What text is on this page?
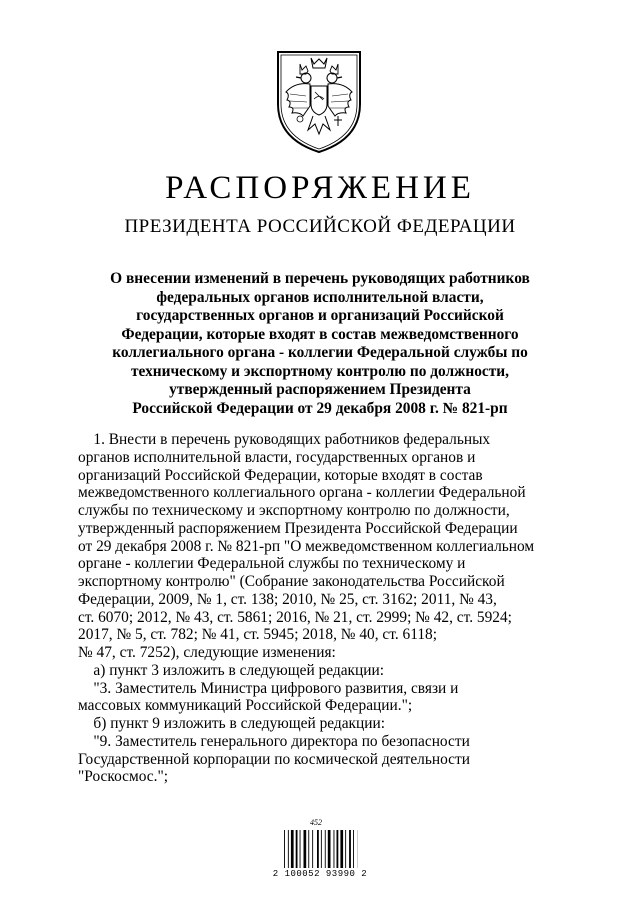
РАСПОРЯЖЕНИЕ
ПРЕЗИДЕНТА РОССИЙСКОЙ ФЕДЕРАЦИИ
О внесении изменений в перечень руководящих работников
федеральных органов исполнительной власти,
государственных органов и организаций Российской
Федерации, которые входят в состав межведомственного
коллегиального органа - коллегии Федеральной службы по
техническому и экспортному контролю по должности,
утвержденный распоряжением Президента
Российской Федерации от 29 декабря 2008 г. № 821-рп
1. Внести в перечень руководящих работников федеральных
органов исполнительной власти, государственных органов и
организаций Российской Федерации, которые входят в состав
межведомственного коллегиального органа - коллегии Федеральной
службы по техническому и экспортному контролю по должности,
утвержденный распоряжением Президента Российской Федерации
от 29 декабря 2008 г. № 821-рп "О межведомственном коллегиальном
органе - коллегии Федеральной службы по техническому и
экспортному контролю" (Собрание законодательства Российской
Федерации, 2009, № 1, ст. 138; 2010, № 25, ст. 3162; 2011, № 43,
ст. 6070; 2012, № 43, ст. 5861; 2016, № 21, ст. 2999; № 42, ст. 5924;
2017, № 5, ст. 782; № 41, ст. 5945; 2018, № 40, ст. 6118;
№ 47, ст. 7252), следующие изменения:
а) пункт 3 изложить в следующей редакции:
"3. Заместитель Министра цифрового развития, связи и
массовых коммуникаций Российской Федерации.";
б) пункт 9 изложить в следующей редакции:
"9. Заместитель генерального директора по безопасности
Государственной корпорации по космической деятельности
"Роскосмос.";
452
2 100052 93990 2
